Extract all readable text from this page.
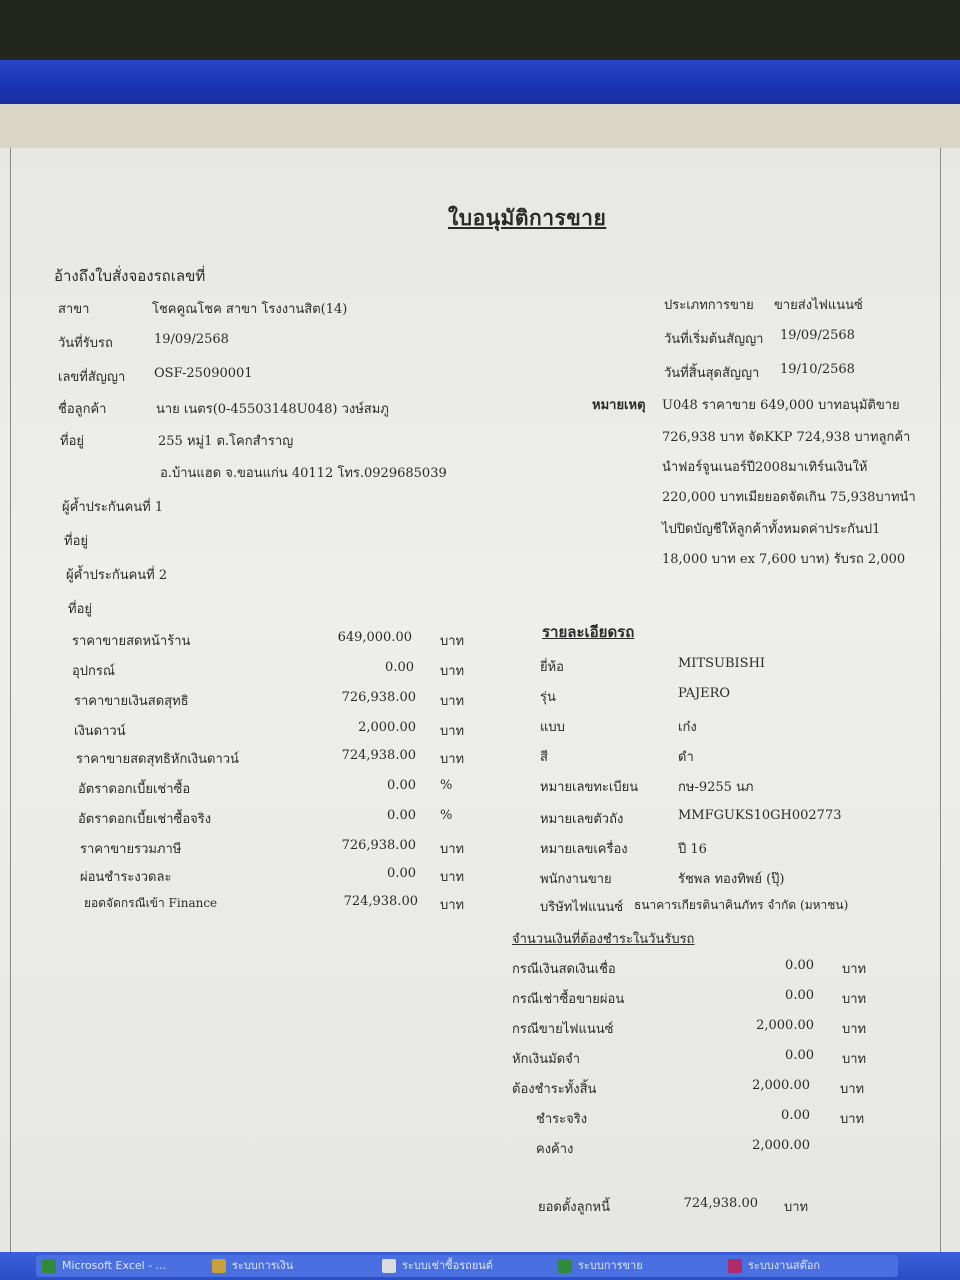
ใบอนุมัติการขาย
อ้างถึงใบสั่งจองรถเลขที่
สาขา	โชคคูณโชค สาขา โรงงานสิต(14)
วันที่รับรถ	19/09/2568
เลขที่สัญญา OSF-25090001
ชื่อลูกค้า	นาย เนตร(0-45503148U048) วงษ์สมภู
ที่อยู่	255 หมู่1 ต.โคกสำราญ
อ.บ้านแฮด จ.ขอนแก่น 40112 โทร.0929685039
ผู้ค้ำประกันคนที่ 1
ที่อยู่
ผู้ค้ำประกันคนที่ 2
ที่อยู่
ประเภทการขาย ขายส่งไฟแนนซ์
วันที่เริ่มต้นสัญญา 19/09/2568
วันที่สิ้นสุดสัญญา 19/10/2568
หมายเหตุ U048 ราคาขาย 649,000 บาทอนุมัติขาย
726,938 บาท จัดKKP 724,938 บาทลูกค้า
นำฟอร์จูนเนอร์ปี2008มาเทิร์นเงินให้
220,000 บาทเมียยอดจัดเกิน 75,938บาทนำ
ไปปิดบัญชีให้ลูกค้าทั้งหมดค่าประกันป1
18,000 บาท ex 7,600 บาท) รับรถ 2,000
ราคาขายสดหน้าร้าน	649,000.00 บาท
อุปกรณ์	0.00 บาท
ราคาขายเงินสดสุทธิ	726,938.00 บาท
เงินดาวน์	2,000.00 บาท
ราคาขายสดสุทธิหักเงินดาวน์	724,938.00 บาท
อัตราดอกเบี้ยเช่าซื้อ	0.00 %
อัตราดอกเบี้ยเช่าซื้อจริง	0.00 %
ราคาขายรวมภาษี	726,938.00 บาท
ผ่อนชำระงวดละ	0.00 บาท
ยอดจัดกรณีเข้า Finance	724,938.00 บาท
รายละเอียดรถ
ยี่ห้อ	MITSUBISHI
รุ่น	PAJERO
แบบ	เก๋ง
สี	ดำ
หมายเลขทะเบียน	กษ-9255 นภ
หมายเลขตัวถัง	MMFGUKS10GH002773
หมายเลขเครื่อง	ปี 16
พนักงานขาย	รัชพล ทองทิพย์ (ปุ๊)
บริษัทไฟแนนซ์ ธนาคารเกียรตินาคินภัทร จำกัด (มหาชน)
จำนวนเงินที่ต้องชำระในวันรับรถ
กรณีเงินสดเงินเชื่อ	0.00 บาท
กรณีเช่าซื้อขายผ่อน	0.00 บาท
กรณีขายไฟแนนซ์	2,000.00 บาท
หักเงินมัดจำ	0.00 บาท
ต้องชำระทั้งสิ้น	2,000.00 บาท
ชำระจริง	0.00 บาท
คงค้าง	2,000.00
ยอดตั้งลูกหนี้	724,938.00 บาท
Microsoft Excel - ...	ระบบการเงิน	ระบบเช่าซื้อรถยนต์	ระบบการขาย	ระบบงานสต๊อก
